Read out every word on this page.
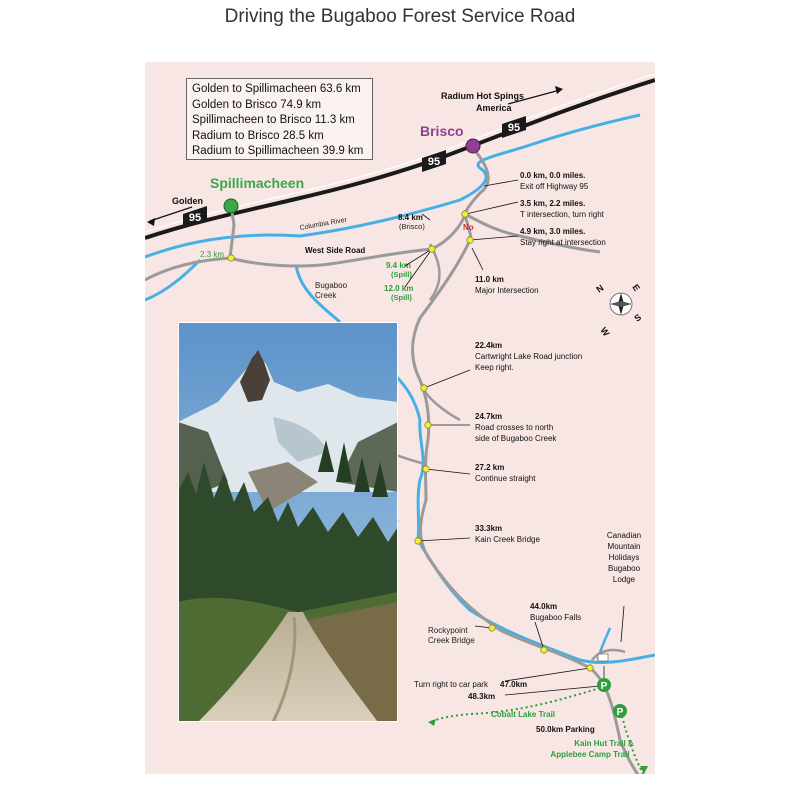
Driving the Bugaboo Forest Service Road
95
95
95
Brisco
Spillimacheen
Golden
Radium Hot Spings
America
Columbia River
West Side Road
Bugaboo
Creek
Rockypoint
Creek Bridge
2.3 km
8.4 km
(Brisco)
9.4 km
(Spill)
12.0 km
(Spill)
No
P
P
0.0 km, 0.0 miles.
Exit off Highway 95
3.5 km, 2.2 miles.
T intersection, turn right
4.9 km, 3.0 miles.
Stay right at intersection
11.0 km
Major Intersection
22.4km
Cartwright Lake Road junction
Keep right.
24.7km
Road crosses to north
side of Bugaboo Creek
27.2 km
Continue straight
33.3km
Kain Creek Bridge
44.0km
Bugaboo Falls
Canadian
Mountain
Holidays
Bugaboo
Lodge
Turn right to car park 47.0km
48.3km
50.0km Parking
Cobalt Lake Trail
Kain Hut Trail &
Applebee Camp Trail
N	E
S
W
Golden to Spillimacheen 63.6 km
Golden to Brisco 74.9 km
Spillimacheen to Brisco 11.3 km
Radium to Brisco 28.5 km
Radium to Spillimacheen 39.9 km
